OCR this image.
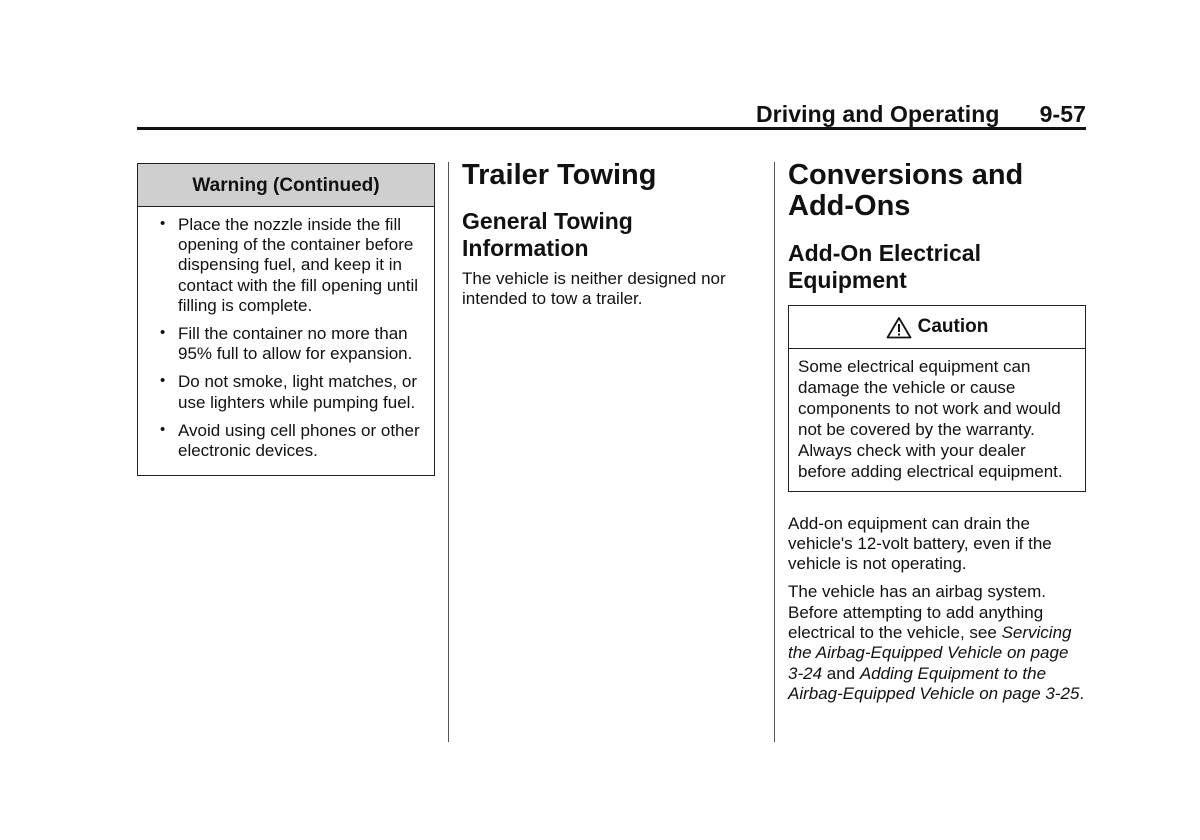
Driving and Operating 9-57
Warning (Continued)
• Place the nozzle inside the fill opening of the container before dispensing fuel, and keep it in contact with the fill opening until filling is complete.
• Fill the container no more than 95% full to allow for expansion.
• Do not smoke, light matches, or use lighters while pumping fuel.
• Avoid using cell phones or other electronic devices.
Trailer Towing
General Towing Information

The vehicle is neither designed nor intended to tow a trailer.

Conversions and Add-Ons
Add-On Electrical Equipment
Caution
Some electrical equipment can damage the vehicle or cause components to not work and would not be covered by the warranty. Always check with your dealer before adding electrical equipment.

Add-on equipment can drain the vehicle's 12-volt battery, even if the vehicle is not operating.

The vehicle has an airbag system. Before attempting to add anything electrical to the vehicle, see Servicing the Airbag-Equipped Vehicle on page 3-24 and Adding Equipment to the Airbag-Equipped Vehicle on page 3-25.
